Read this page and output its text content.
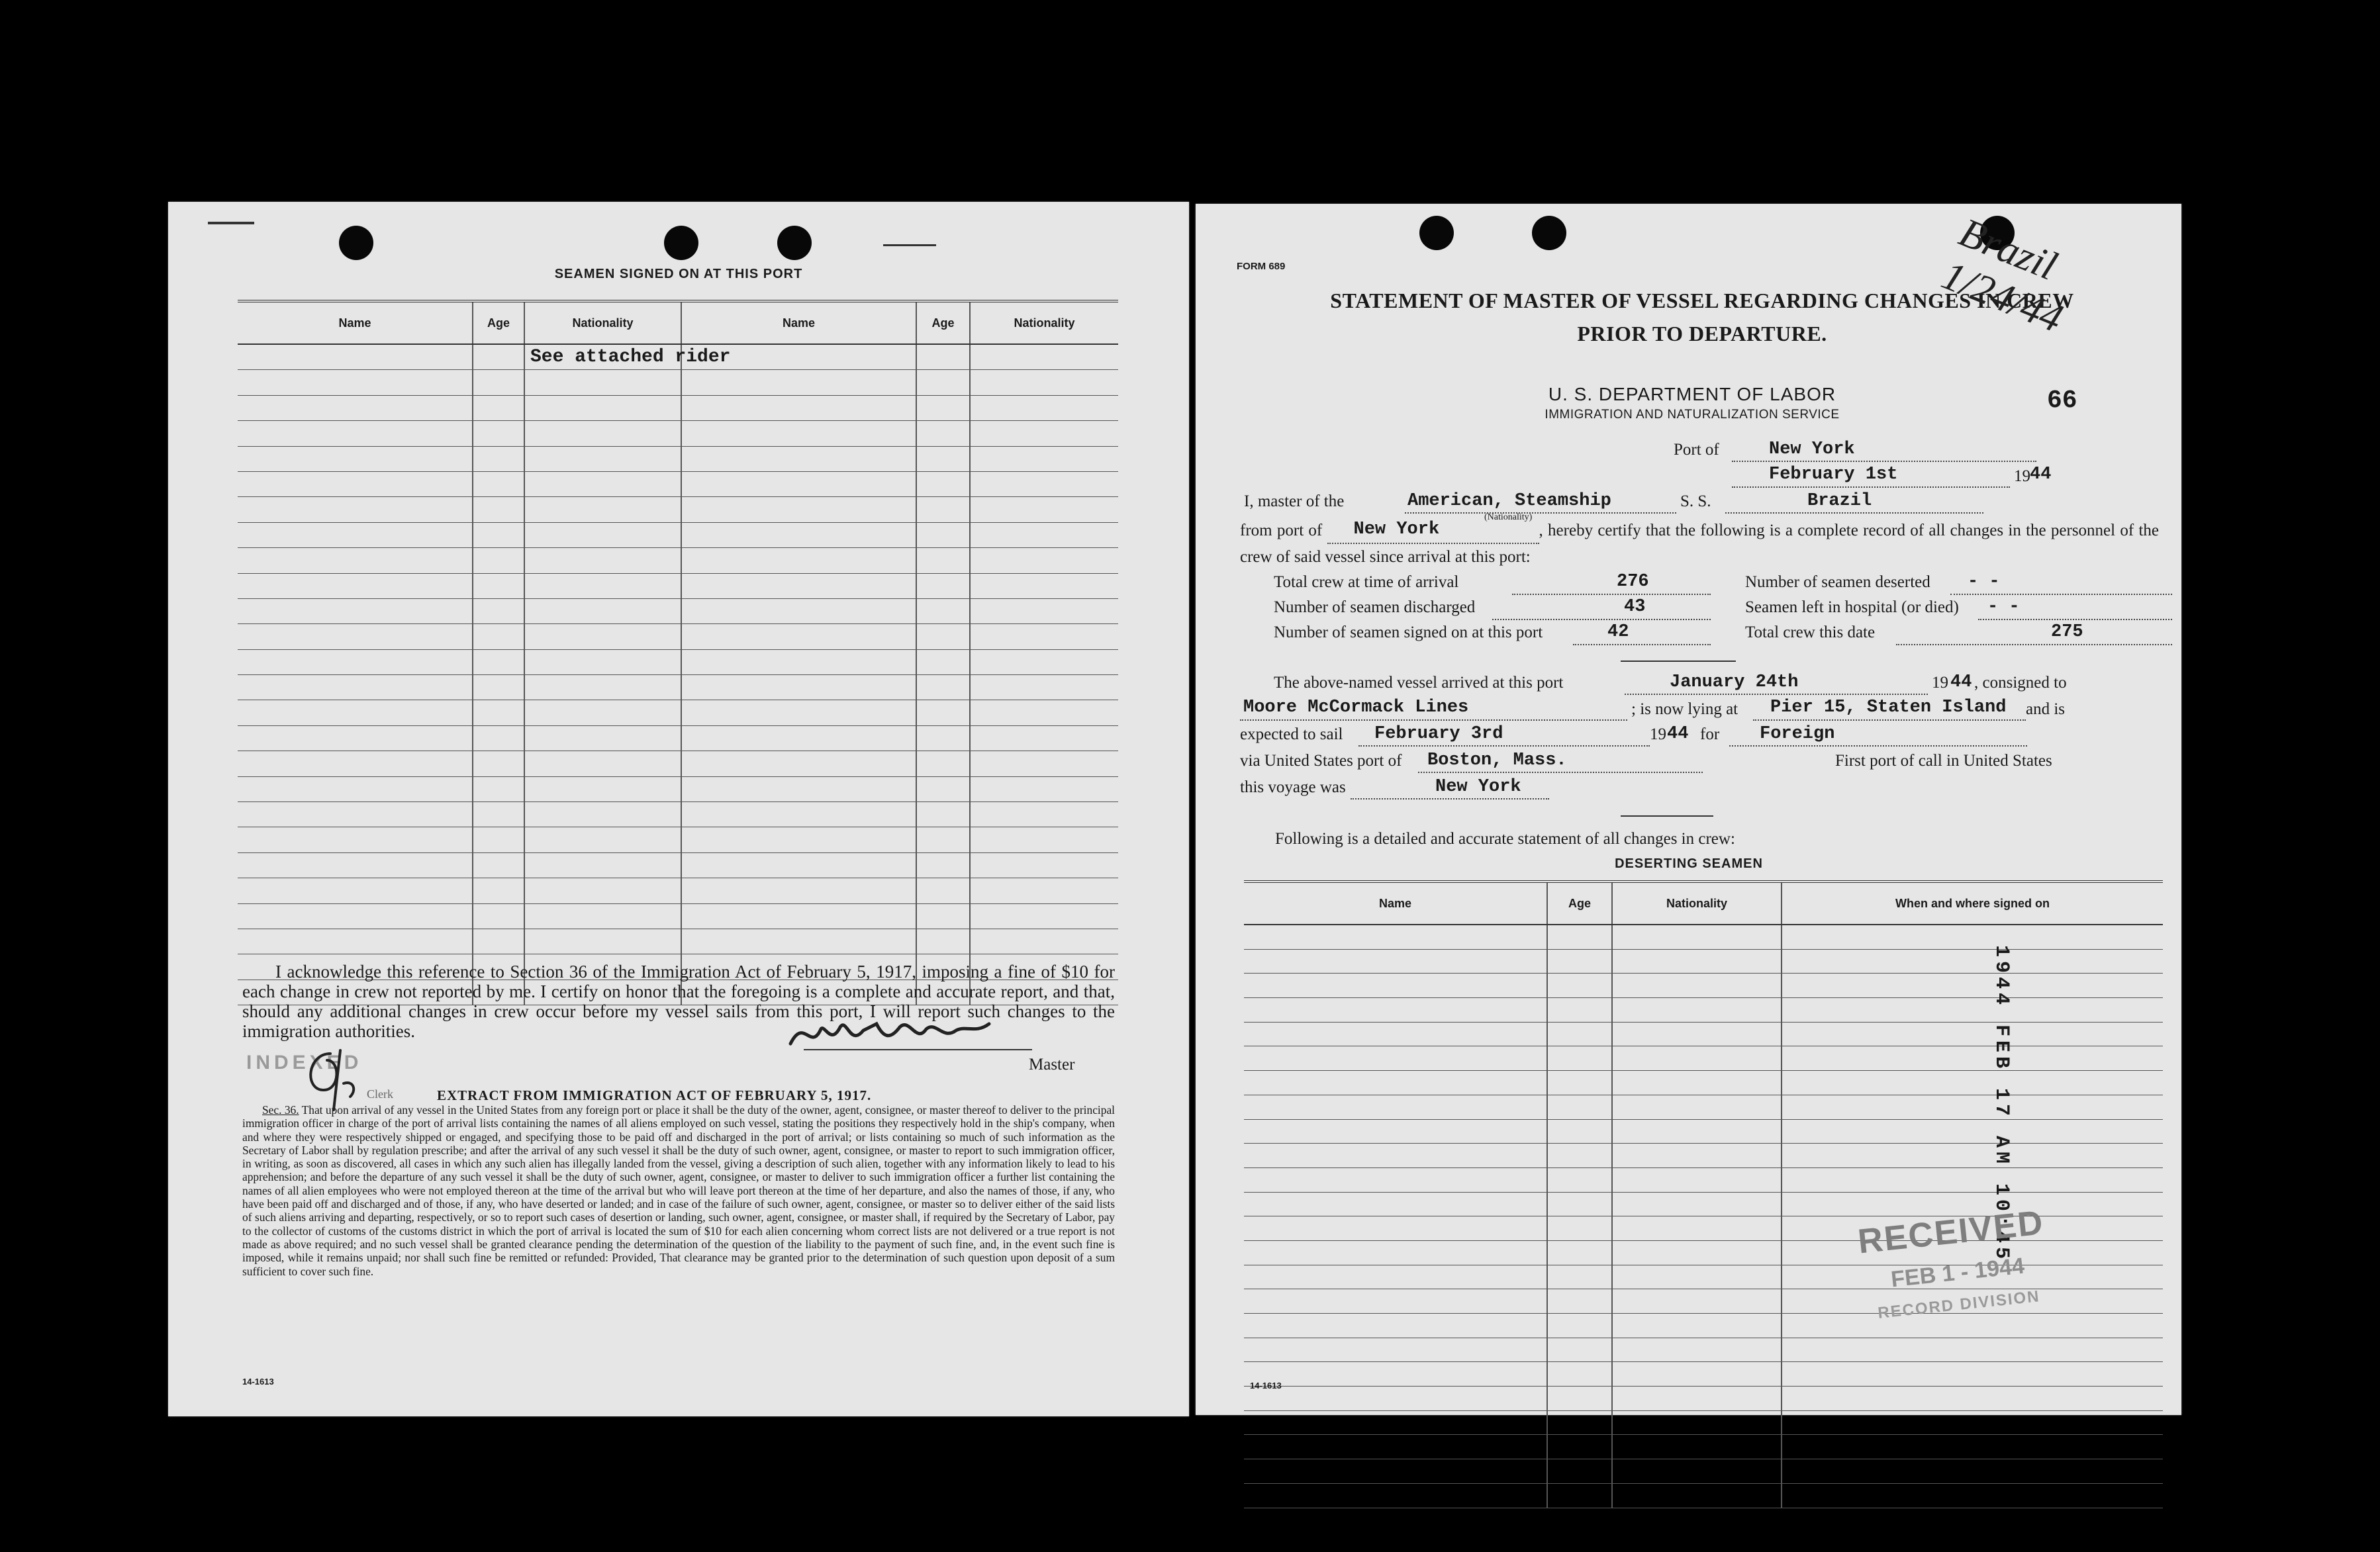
SEAMEN SIGNED ON AT THIS PORT
Name	Age	Nationality	Name	Age	Nationality
		See attached rider			

I acknowledge this reference to Section 36 of the Immigration Act of February 5, 1917, imposing a fine of $10 for each change in crew not reported by me. I certify on honor that the foregoing is a complete and accurate report, and that, should any additional changes in crew occur before my vessel sails from this port, I will report such changes to the immigration authorities.
Master
INDEXED
Clerk	EXTRACT FROM IMMIGRATION ACT OF FEBRUARY 5, 1917.
Sec. 36. That upon arrival of any vessel in the United States from any foreign port or place it shall be the duty of the owner, agent, consignee, or master thereof to deliver to the principal immigration officer in charge of the port of arrival lists containing the names of all aliens employed on such vessel, stating the positions they respectively hold in the ship's company, when and where they were respectively shipped or engaged, and specifying those to be paid off and discharged in the port of arrival; or lists containing so much of such information as the Secretary of Labor shall by regulation prescribe; and after the arrival of any such vessel it shall be the duty of such owner, agent, consignee, or master to report to such immigration officer, in writing, as soon as discovered, all cases in which any such alien has illegally landed from the vessel, giving a description of such alien, together with any information likely to lead to his apprehension; and before the departure of any such vessel it shall be the duty of such owner, agent, consignee, or master to deliver to such immigration officer a further list containing the names of all alien employees who were not employed thereon at the time of the arrival but who will leave port thereon at the time of her departure, and also the names of those, if any, who have been paid off and discharged and of those, if any, who have deserted or landed; and in case of the failure of such owner, agent, consignee, or master so to deliver either of the said lists of such aliens arriving and departing, respectively, or so to report such cases of desertion or landing, such owner, agent, consignee, or master shall, if required by the Secretary of Labor, pay to the collector of customs of the customs district in which the port of arrival is located the sum of $10 for each alien concerning whom correct lists are not delivered or a true report is not made as above required; and no such vessel shall be granted clearance pending the determination of the question of the liability to the payment of such fine, and, in the event such fine is imposed, while it remains unpaid; nor shall such fine be remitted or refunded: Provided, That clearance may be granted prior to the determination of such question upon deposit of a sum sufficient to cover such fine.
14-1613
FORM 689
STATEMENT OF MASTER OF VESSEL REGARDING CHANGES IN CREW
PRIOR TO DEPARTURE.
U. S. DEPARTMENT OF LABOR
IMMIGRATION AND NATURALIZATION SERVICE	66
Brazil 1/24/44
Port of	New York
February 1st	19 44
I, master of the	American, Steamship
(Nationality)
S. S.	Brazil
from port of New York	, hereby certify that the following is a complete record of all changes in the personnel of the crew of said vessel since arrival at this port:
Total crew at time of arrival	276	Number of seamen deserted - -
Number of seamen discharged	43	Seamen left in hospital (or died) - -
Number of seamen signed on at this port	42	Total crew this date	275
The above-named vessel arrived at this port	January 24th	19 44 , consigned to
Moore McCormack Lines	; is now lying at Pier 15, Staten Island and is
expected to sail February 3rd	19 44 for Foreign
via United States port of Boston, Mass.	First port of call in United States
this voyage was	New York
Following is a detailed and accurate statement of all changes in crew:
DESERTING SEAMEN
Name	Age	Nationality	When and where signed on

1944 FEB 17 AM 10:45
RECEIVED
FEB 1 - 1944
RECORD DIVISION
14-1613
